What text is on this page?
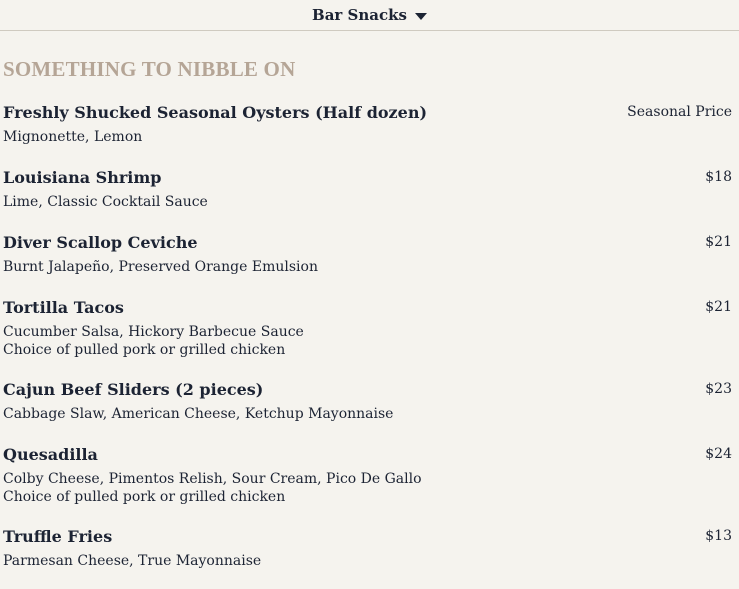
Bar Snacks
SOMETHING TO NIBBLE ON
Freshly Shucked Seasonal Oysters (Half dozen)	Seasonal Price
Mignonette, Lemon
Louisiana Shrimp	$18
Lime, Classic Cocktail Sauce
Diver Scallop Ceviche	$21
Burnt Jalapeño, Preserved Orange Emulsion
Tortilla Tacos	$21
Cucumber Salsa, Hickory Barbecue Sauce
Choice of pulled pork or grilled chicken
Cajun Beef Sliders (2 pieces)	$23
Cabbage Slaw, American Cheese, Ketchup Mayonnaise
Quesadilla	$24
Colby Cheese, Pimentos Relish, Sour Cream, Pico De Gallo
Choice of pulled pork or grilled chicken
Truffle Fries	$13
Parmesan Cheese, True Mayonnaise
